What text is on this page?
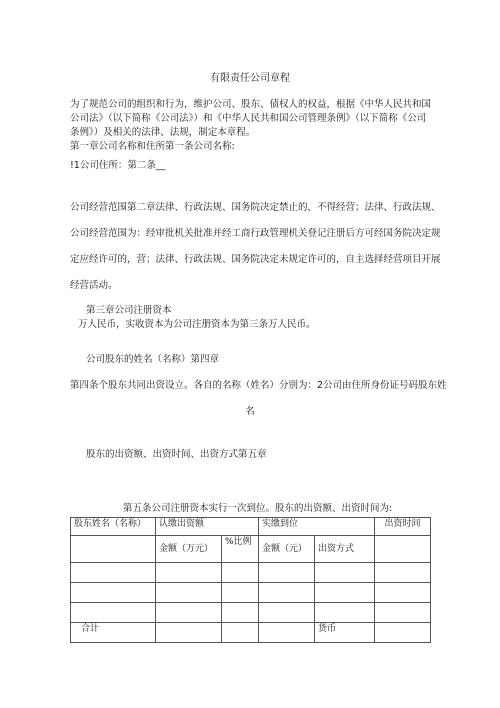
有限责任公司章程
为了规范公司的组织和行为，维护公司、股东、债权人的权益，根据《中华人民共和国公司法》（以下简称《公司法》）和《中华人民共和国公司管理条例》（以下简称《公司条例》）及相关的法律、法规，制定本章程。
第一章公司名称和住所第一条公司名称:
!1公司住所：第二条__
公司经营范围第二章法律、行政法规、国务院决定禁止的，不得经营；法律、行政法规、
公司经营范围为：经审批机关批准并经工商行政管理机关登记注册后方可经国务院决定规
定应经许可的，营；法律、行政法规、国务院决定未规定许可的，自主选择经营项目开展
经营活动。
第三章公司注册资本
万人民币，实收资本为公司注册资本为第三条万人民币。
公司股东的姓名（名称）第四章
第四条个股东共同出资设立。各自的名称（姓名）分别为：2公司由住所身份证号码股东姓
名
股东的出资额、出资时间、出资方式第五章
第五条公司注册资本实行一次到位。股东的出资额、出资时间为:
股东姓名（名称）	认缴出资额		实缴到位		出资时间
	金额（万元）	%比例	金额（元）	出资方式	

合计				货币	
